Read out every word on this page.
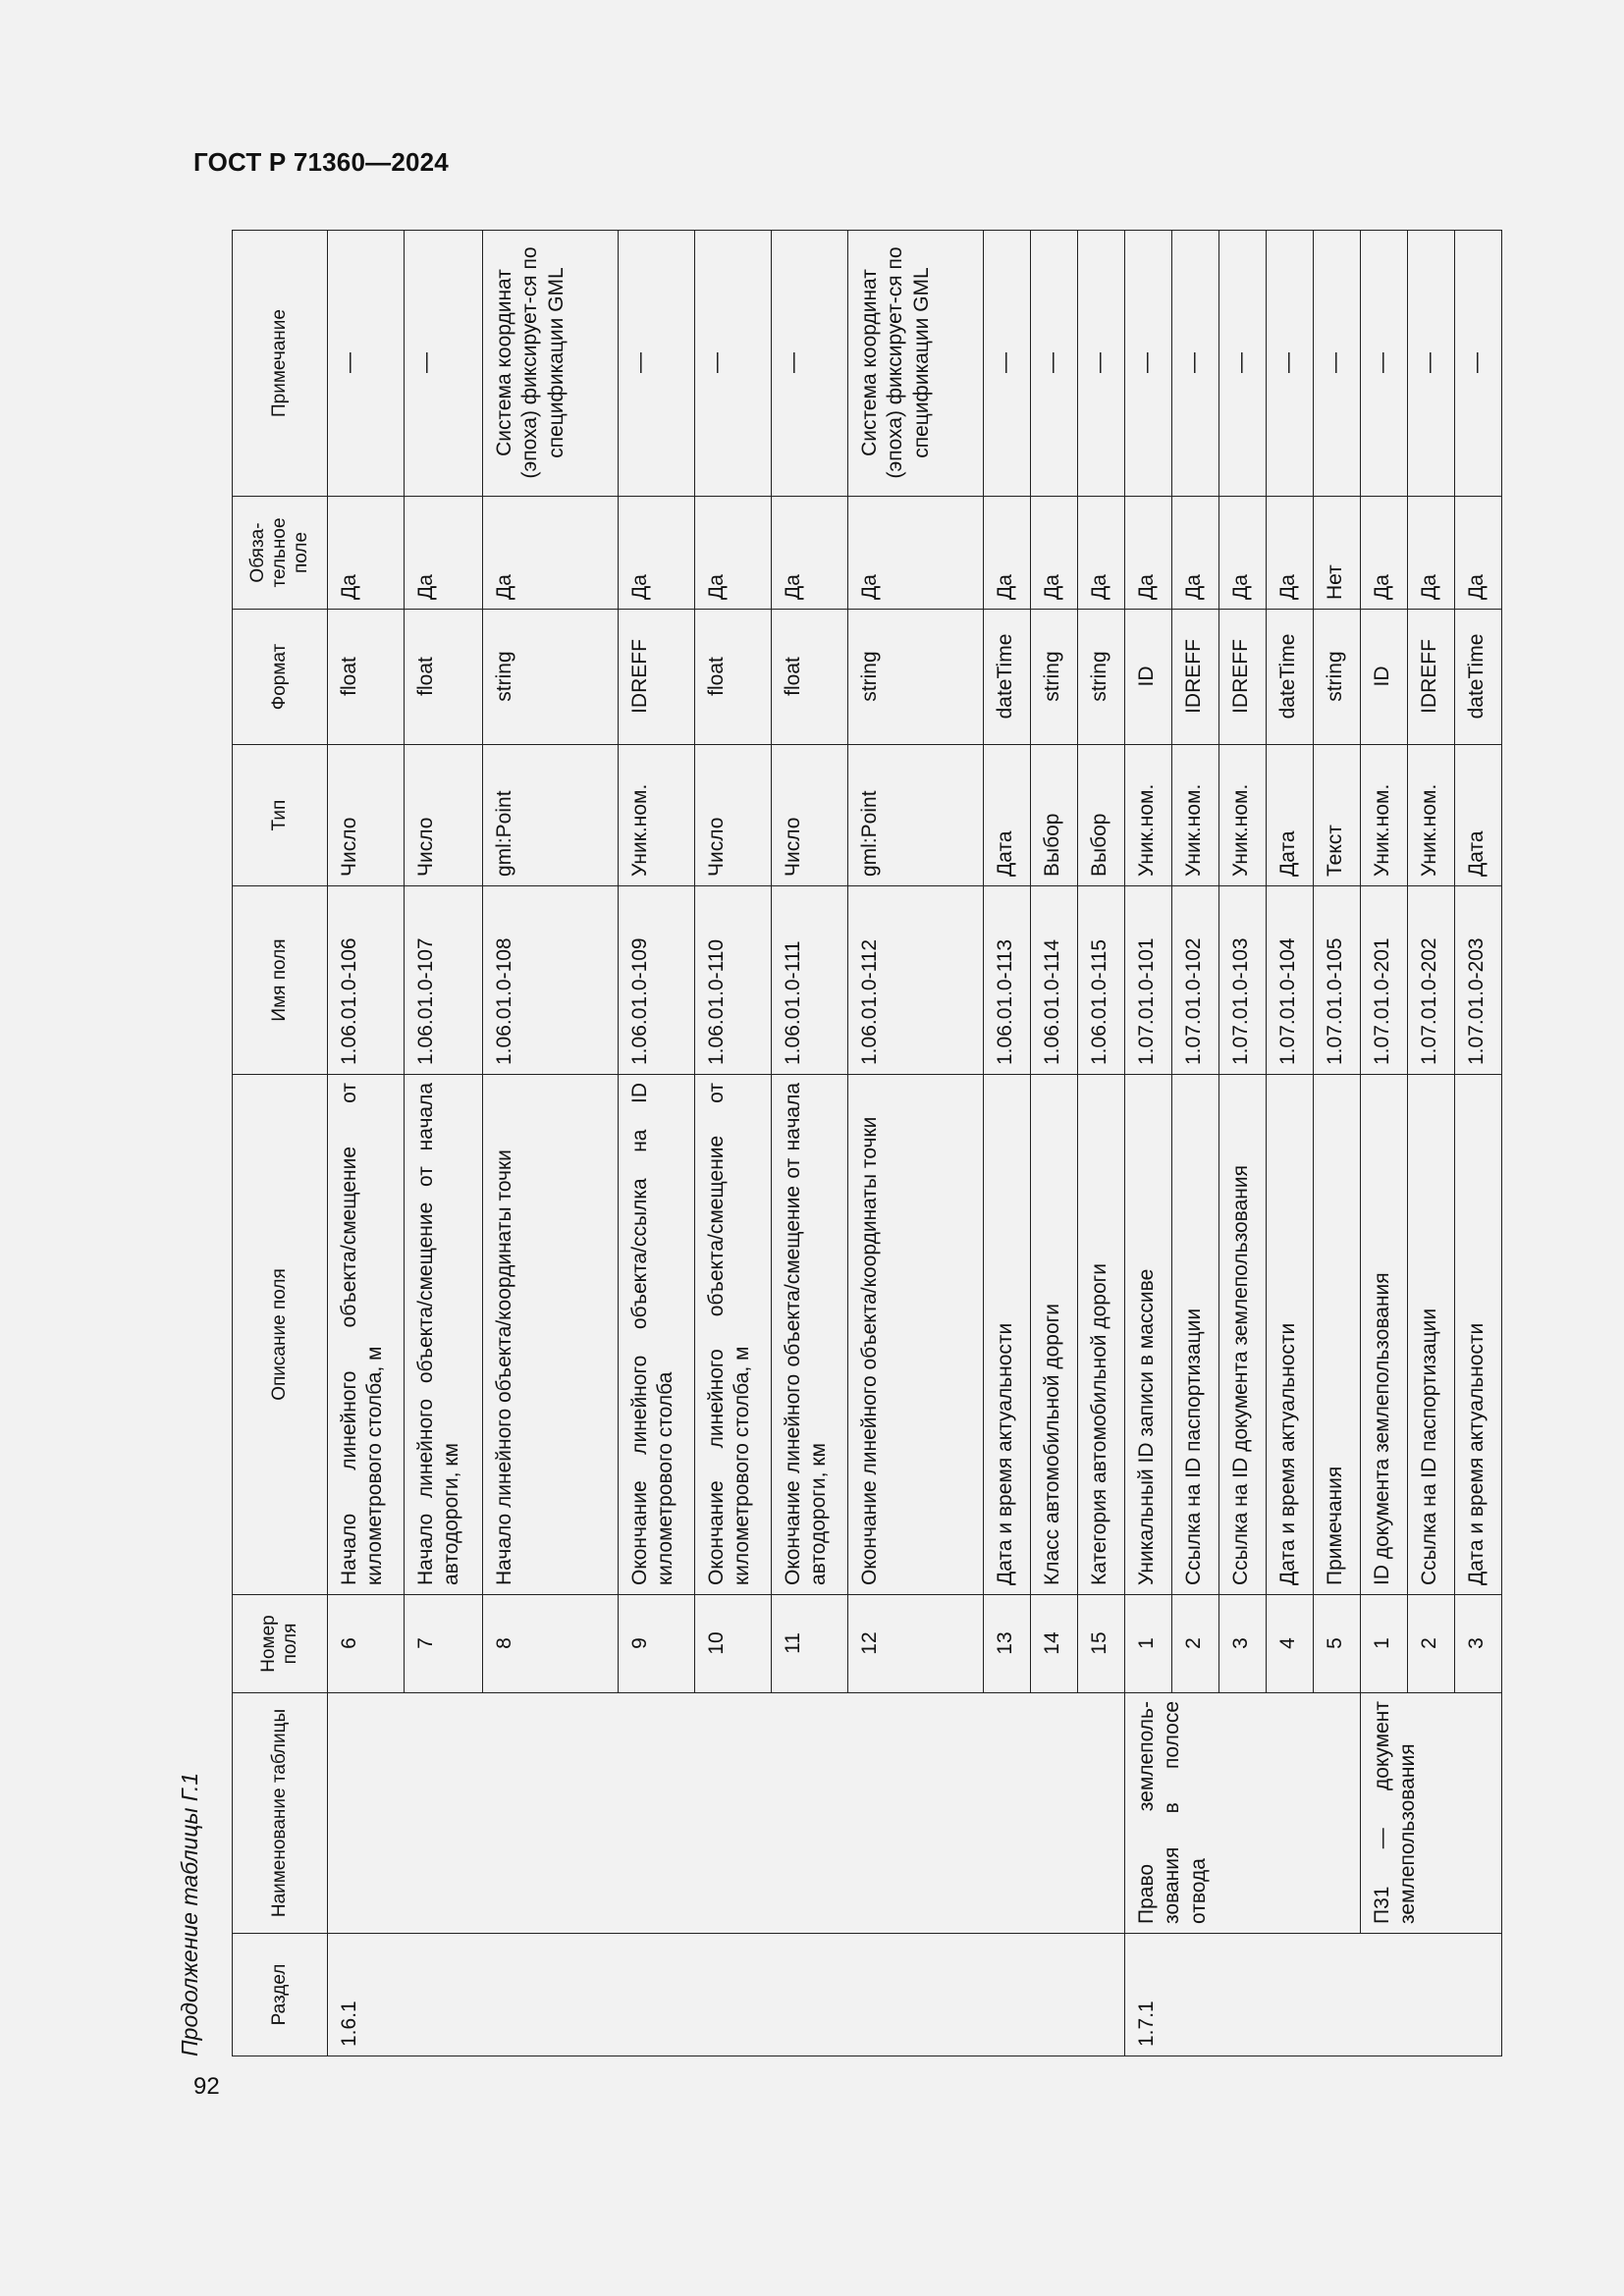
ГОСТ Р 71360—2024
92
Продолжение таблицы Г.1	Раздел	Наименование таблицы	Номер поля	Описание поля	Имя поля	Тип	Формат	Обяза-тельное поле	Примечание
1.6.1		6	Начало линейного объекта/смещение от километрового столба, м	1.06.01.0-106	Число	float	Да	—
		7	Начало линейного объекта/смещение от начала автодороги, км	1.06.01.0-107	Число	float	Да	—
		8	Начало линейного объекта/координаты точки	1.06.01.0-108	gml:Point	string	Да	Система координат (эпоха) фиксирует-ся по спецификации GML
		9	Окончание линейного объекта/ссылка на ID километрового столба	1.06.01.0-109	Уник.ном.	IDREFF	Да	—
		10	Окончание линейного объекта/смещение от километрового столба, м	1.06.01.0-110	Число	float	Да	—
		11	Окончание линейного объекта/смещение от начала автодороги, км	1.06.01.0-111	Число	float	Да	—
		12	Окончание линейного объекта/координаты точки	1.06.01.0-112	gml:Point	string	Да	Система координат (эпоха) фиксирует-ся по спецификации GML
		13	Дата и время актуальности	1.06.01.0-113	Дата	dateTime	Да	—
		14	Класс автомобильной дороги	1.06.01.0-114	Выбор	string	Да	—
		15	Категория автомобильной дороги	1.06.01.0-115	Выбор	string	Да	—
1.7.1	Право землеполь-зования в полосе отвода	1	Уникальный ID записи в массиве	1.07.01.0-101	Уник.ном.	ID	Да	—
		2	Ссылка на ID паспортизации	1.07.01.0-102	Уник.ном.	IDREFF	Да	—
		3	Ссылка на ID документа землепользования	1.07.01.0-103	Уник.ном.	IDREFF	Да	—
		4	Дата и время актуальности	1.07.01.0-104	Дата	dateTime	Да	—
		5	Примечания	1.07.01.0-105	Текст	string	Нет	—
	П31 — документ землепользования	1	ID документа землепользования	1.07.01.0-201	Уник.ном.	ID	Да	—
		2	Ссылка на ID паспортизации	1.07.01.0-202	Уник.ном.	IDREFF	Да	—
		3	Дата и время актуальности	1.07.01.0-203	Дата	dateTime	Да	—
